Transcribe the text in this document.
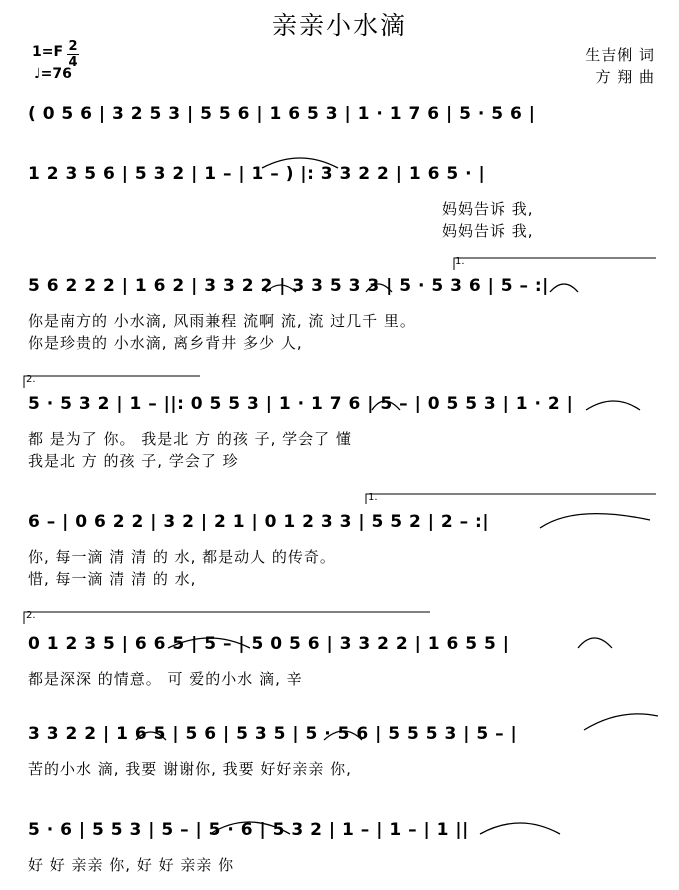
亲亲小水滴
1=F 2
4
♩=76
生吉俐 词
方 翔 曲
( 0 5 6 | 3 2 5 3 | 5 5 6 | 1 6 5 3 | 1 · 1 7 6 | 5 · 5 6 |
1 2 3 5 6 | 5 3 2 | 1 – | 1 – ) |: 3 3 2 2 | 1 6 5 · |
妈妈告诉 我,
妈妈告诉 我,
5 6 2 2 2 | 1 6 2 | 3 3 2 2 | 3 3 5 3 3 | 5 · 5 3 6 | 5 – :|
你是南方的 小水滴, 风雨兼程 流啊 流, 流 过几千 里。
你是珍贵的 小水滴, 离乡背井 多少 人,
5 · 5 3 2 | 1 – ||: 0 5 5 3 | 1 · 1 7 6 | 5 – | 0 5 5 3 | 1 · 2 |
都 是为了 你。 我是北 方 的孩 子, 学会了 懂
我是北 方 的孩 子, 学会了 珍
6 – | 0 6 2 2 | 3 2 | 2 1 | 0 1 2 3 3 | 5 5 2 | 2 – :|
你, 每一滴 清 清 的 水, 都是动人 的传奇。
惜, 每一滴 清 清 的 水,
0 1 2 3 5 | 6 6 5 | 5 – | 5 0 5 6 | 3 3 2 2 | 1 6 5 5 |
都是深深 的情意。 可 爱的小水 滴, 辛
3 3 2 2 | 1 6 5 | 5 6 | 5 3 5 | 5 · 5 6 | 5 5 5 3 | 5 – |
苦的小水 滴, 我要 谢谢你, 我要 好好亲亲 你,
5 · 6 | 5 5 3 | 5 – | 5 · 6 | 5 3 2 | 1 – | 1 – | 1 ||
好 好 亲亲 你, 好 好 亲亲 你
1.
2.
1.
2.
